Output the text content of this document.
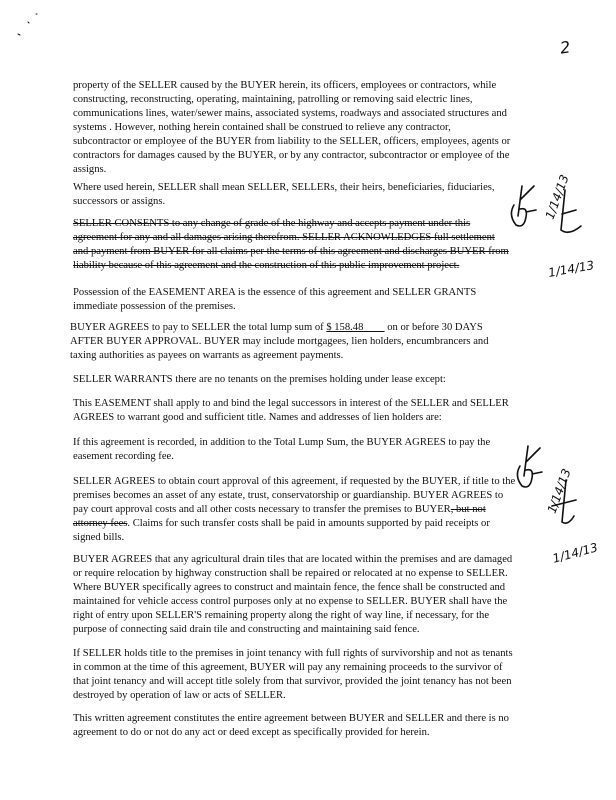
2
property of the SELLER caused by the BUYER herein, its officers, employees or contractors, while
constructing, reconstructing, operating, maintaining, patrolling or removing said electric lines,
communications lines, water/sewer mains, associated systems, roadways and associated structures and
systems . However, nothing herein contained shall be construed to relieve any contractor,
subcontractor or employee of the BUYER from liability to the SELLER, officers, employees, agents or
contractors for damages caused by the BUYER, or by any contractor, subcontractor or employee of the
assigns.
Where used herein, SELLER shall mean SELLER, SELLERs, their heirs, beneficiaries, fiduciaries,
successors or assigns.
SELLER CONSENTS to any change of grade of the highway and accepts payment under this
agreement for any and all damages arising therefrom. SELLER ACKNOWLEDGES full settlement
and payment from BUYER for all claims per the terms of this agreement and discharges BUYER from
liability because of this agreement and the construction of this public improvement project.
Possession of the EASEMENT AREA is the essence of this agreement and SELLER GRANTS
immediate possession of the premises.
BUYER AGREES to pay to SELLER the total lump sum of $ 158.48         on or before 30 DAYS
AFTER BUYER APPROVAL. BUYER may include mortgagees, lien holders, encumbrancers and
taxing authorities as payees on warrants as agreement payments.
SELLER WARRANTS there are no tenants on the premises holding under lease except:
This EASEMENT shall apply to and bind the legal successors in interest of the SELLER and SELLER
AGREES to warrant good and sufficient title. Names and addresses of lien holders are:
If this agreement is recorded, in addition to the Total Lump Sum, the BUYER AGREES to pay the
easement recording fee.
SELLER AGREES to obtain court approval of this agreement, if requested by the BUYER, if title to the
premises becomes an asset of any estate, trust, conservatorship or guardianship. BUYER AGREES to
pay court approval costs and all other costs necessary to transfer the premises to BUYER, but not
attorney fees. Claims for such transfer costs shall be paid in amounts supported by paid receipts or
signed bills.
BUYER AGREES that any agricultural drain tiles that are located within the premises and are damaged
or require relocation by highway construction shall be repaired or relocated at no expense to SELLER.
Where BUYER specifically agrees to construct and maintain fence, the fence shall be constructed and
maintained for vehicle access control purposes only at no expense to SELLER. BUYER shall have the
right of entry upon SELLER'S remaining property along the right of way line, if necessary, for the
purpose of connecting said drain tile and constructing and maintaining said fence.
If SELLER holds title to the premises in joint tenancy with full rights of survivorship and not as tenants
in common at the time of this agreement, BUYER will pay any remaining proceeds to the survivor of
that joint tenancy and will accept title solely from that survivor, provided the joint tenancy has not been
destroyed by operation of law or acts of SELLER.
This written agreement constitutes the entire agreement between BUYER and SELLER and there is no
agreement to do or not do any act or deed except as specifically provided for herein.
1/14/13
1/14/13
1/14/13
1/14/13
